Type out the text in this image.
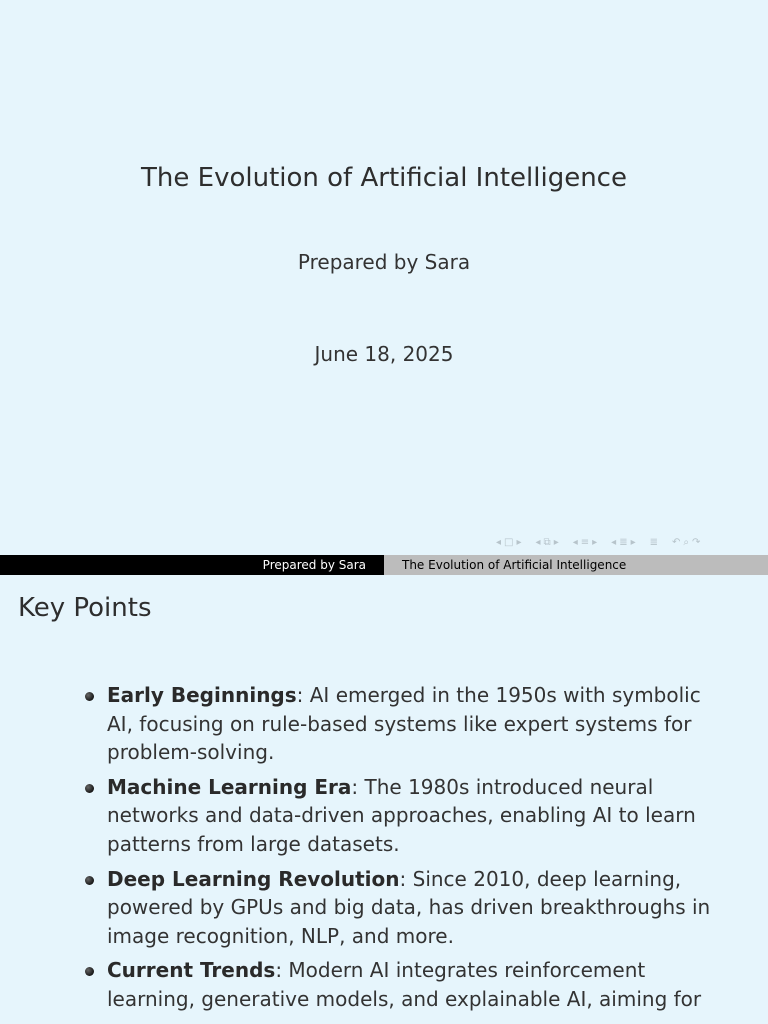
The Evolution of Artificial Intelligence
Prepared by Sara
June 18, 2025
◂ □ ▸ ◂ ⧉ ▸ ◂ ≡ ▸ ◂ ≣ ▸ ≣ ↶ ⌕ ↷
Prepared by Sara	The Evolution of Artificial Intelligence
Key Points
Early Beginnings: AI emerged in the 1950s with symbolic AI, focusing on rule-based systems like expert systems for problem-solving.
Machine Learning Era: The 1980s introduced neural networks and data-driven approaches, enabling AI to learn patterns from large datasets.
Deep Learning Revolution: Since 2010, deep learning, powered by GPUs and big data, has driven breakthroughs in image recognition, NLP, and more.
Current Trends: Modern AI integrates reinforcement learning, generative models, and explainable AI, aiming for
